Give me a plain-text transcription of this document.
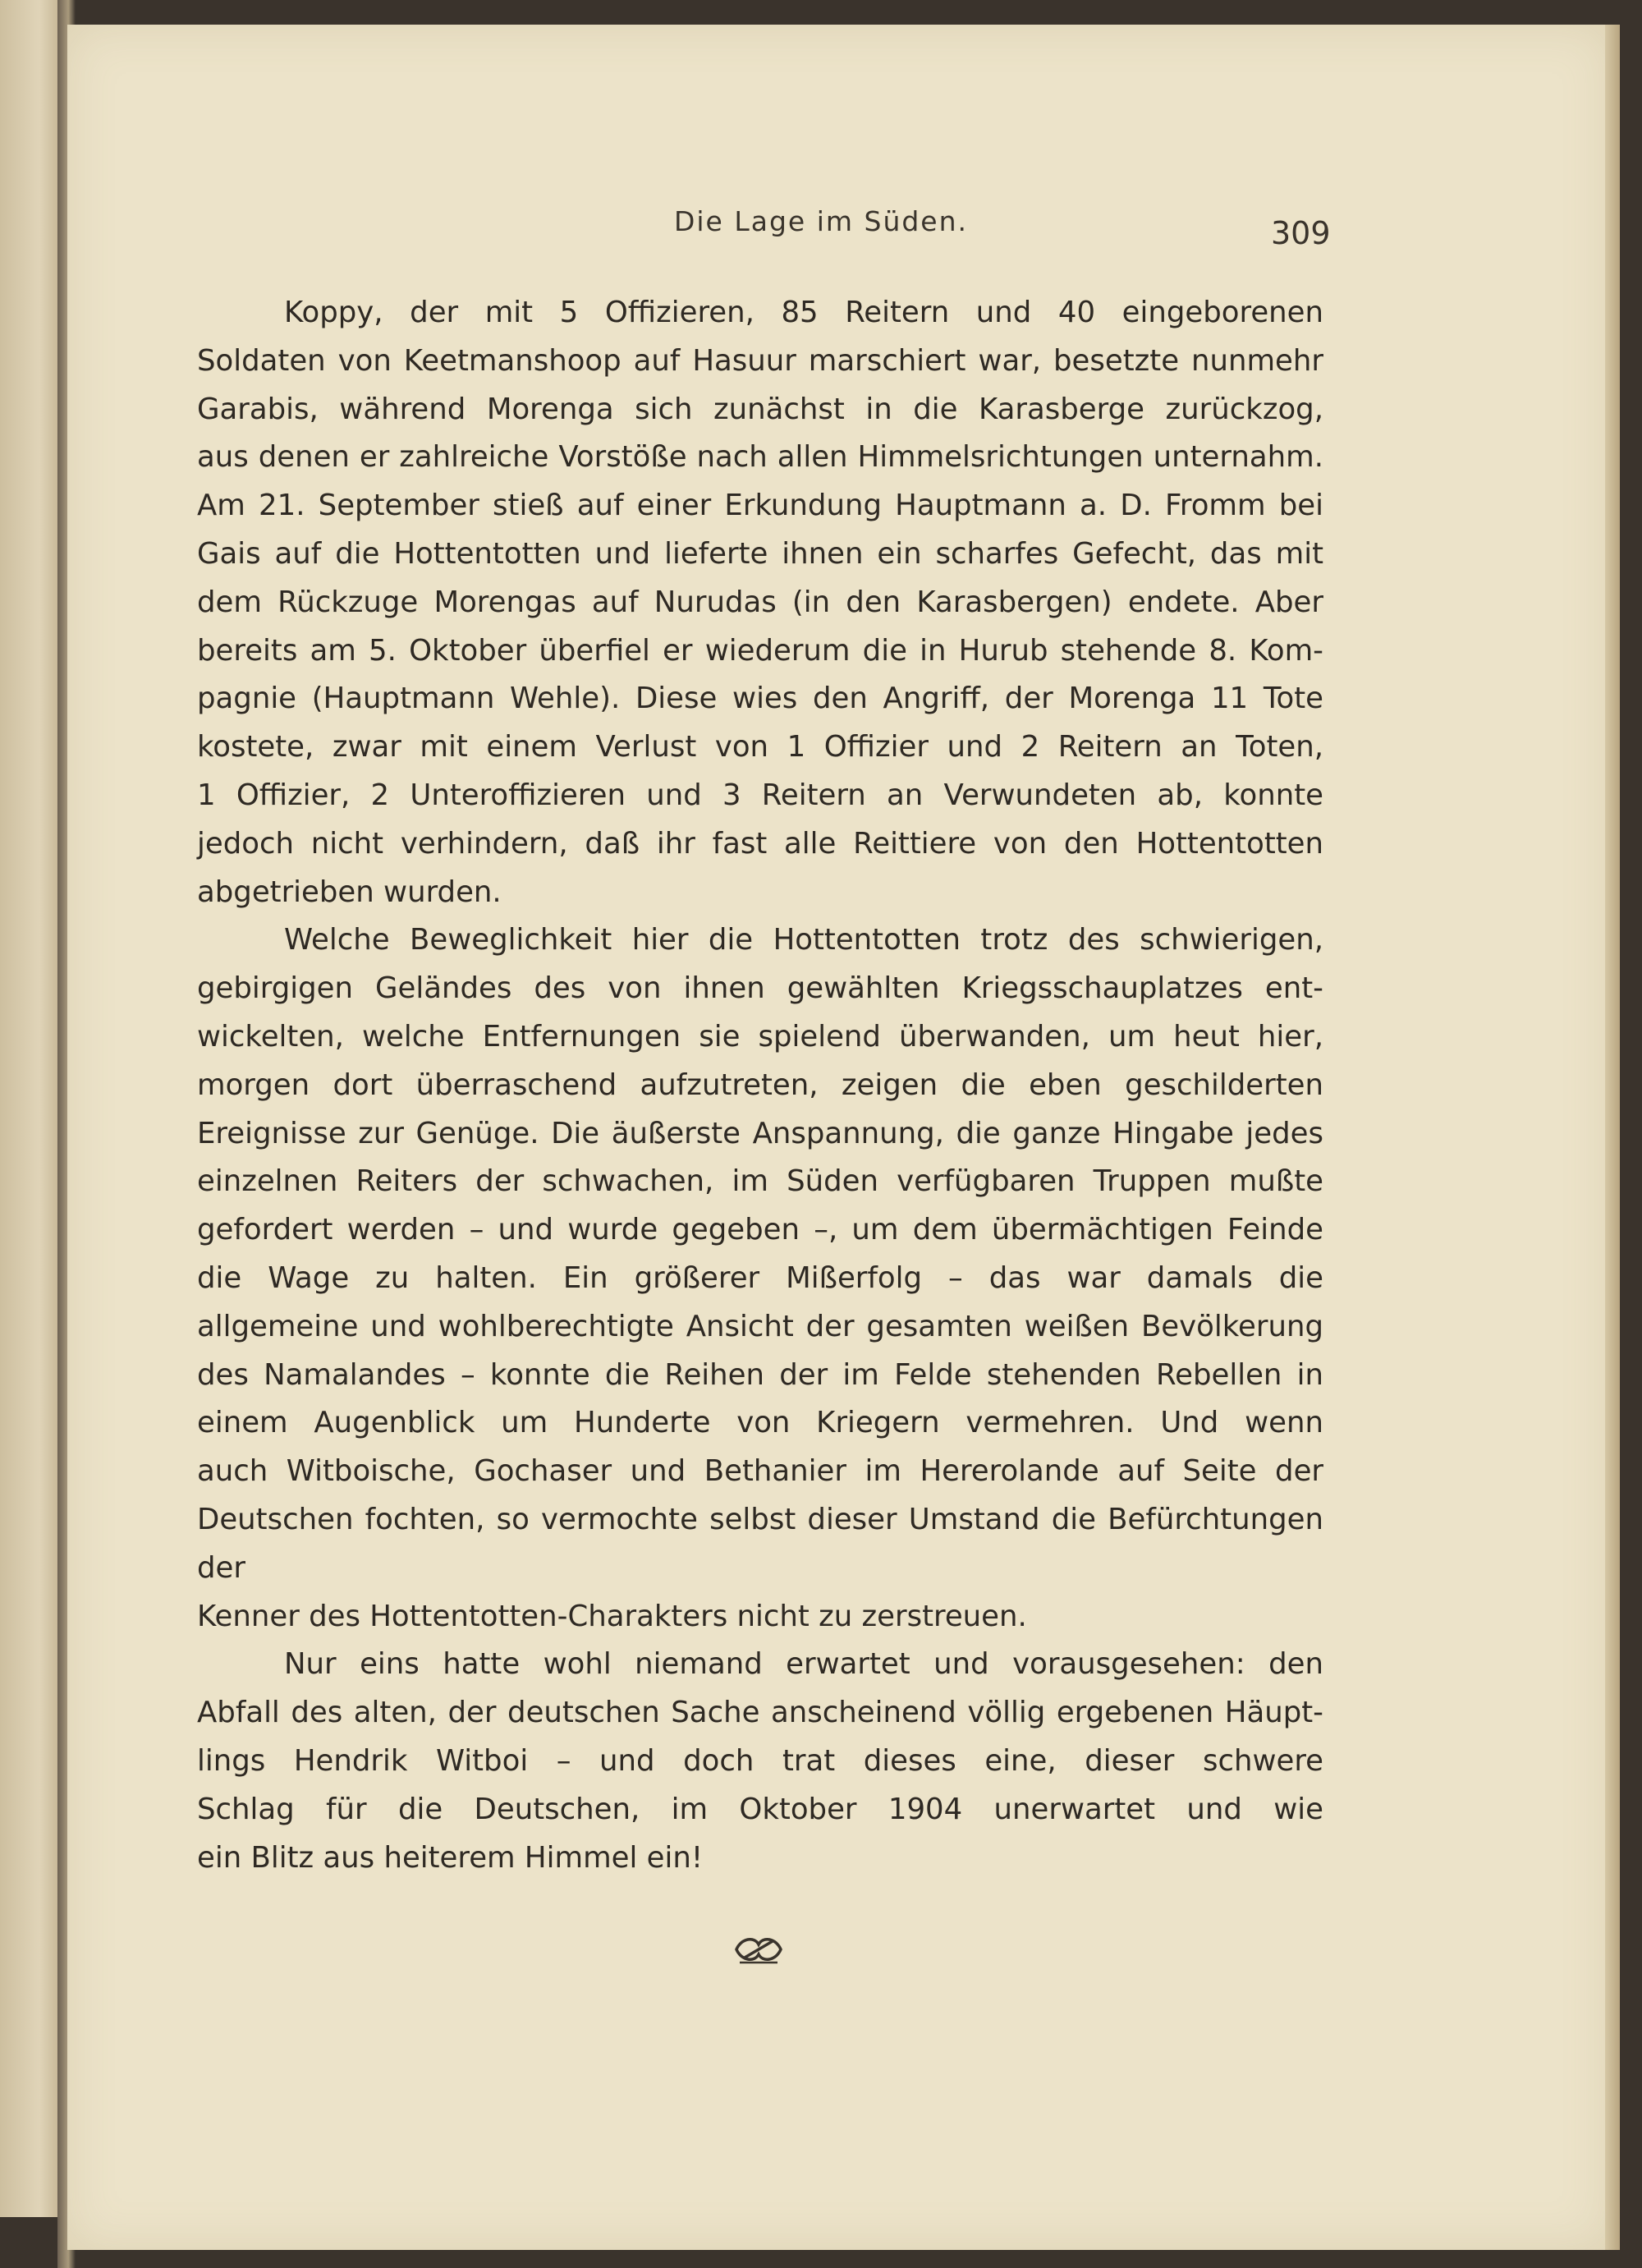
Die Lage im Süden.	309

Koppy, der mit 5 Offizieren, 85 Reitern und 40 eingeborenen
Soldaten von Keetmanshoop auf Hasuur marschiert war, besetzte nunmehr
Garabis, während Morenga sich zunächst in die Karasberge zurückzog,
aus denen er zahlreiche Vorstöße nach allen Himmelsrichtungen unternahm.
Am 21. September stieß auf einer Erkundung Hauptmann a. D. Fromm bei
Gais auf die Hottentotten und lieferte ihnen ein scharfes Gefecht, das mit
dem Rückzuge Morengas auf Nurudas (in den Karasbergen) endete. Aber
bereits am 5. Oktober überfiel er wiederum die in Hurub stehende 8. Kom-
pagnie (Hauptmann Wehle). Diese wies den Angriff, der Morenga 11 Tote
kostete, zwar mit einem Verlust von 1 Offizier und 2 Reitern an Toten,
1 Offizier, 2 Unteroffizieren und 3 Reitern an Verwundeten ab, konnte
jedoch nicht verhindern, daß ihr fast alle Reittiere von den Hottentotten
abgetrieben wurden.

Welche Beweglichkeit hier die Hottentotten trotz des schwierigen,
gebirgigen Geländes des von ihnen gewählten Kriegsschauplatzes ent-
wickelten, welche Entfernungen sie spielend überwanden, um heut hier,
morgen dort überraschend aufzutreten, zeigen die eben geschilderten
Ereignisse zur Genüge. Die äußerste Anspannung, die ganze Hingabe jedes
einzelnen Reiters der schwachen, im Süden verfügbaren Truppen mußte
gefordert werden – und wurde gegeben –, um dem übermächtigen Feinde
die Wage zu halten. Ein größerer Mißerfolg – das war damals die
allgemeine und wohlberechtigte Ansicht der gesamten weißen Bevölkerung
des Namalandes – konnte die Reihen der im Felde stehenden Rebellen in
einem Augenblick um Hunderte von Kriegern vermehren. Und wenn
auch Witboische, Gochaser und Bethanier im Hererolande auf Seite der
Deutschen fochten, so vermochte selbst dieser Umstand die Befürchtungen der
Kenner des Hottentotten-Charakters nicht zu zerstreuen.

Nur eins hatte wohl niemand erwartet und vorausgesehen: den
Abfall des alten, der deutschen Sache anscheinend völlig ergebenen Häupt-
lings Hendrik Witboi – und doch trat dieses eine, dieser schwere
Schlag für die Deutschen, im Oktober 1904 unerwartet und wie
ein Blitz aus heiterem Himmel ein!
